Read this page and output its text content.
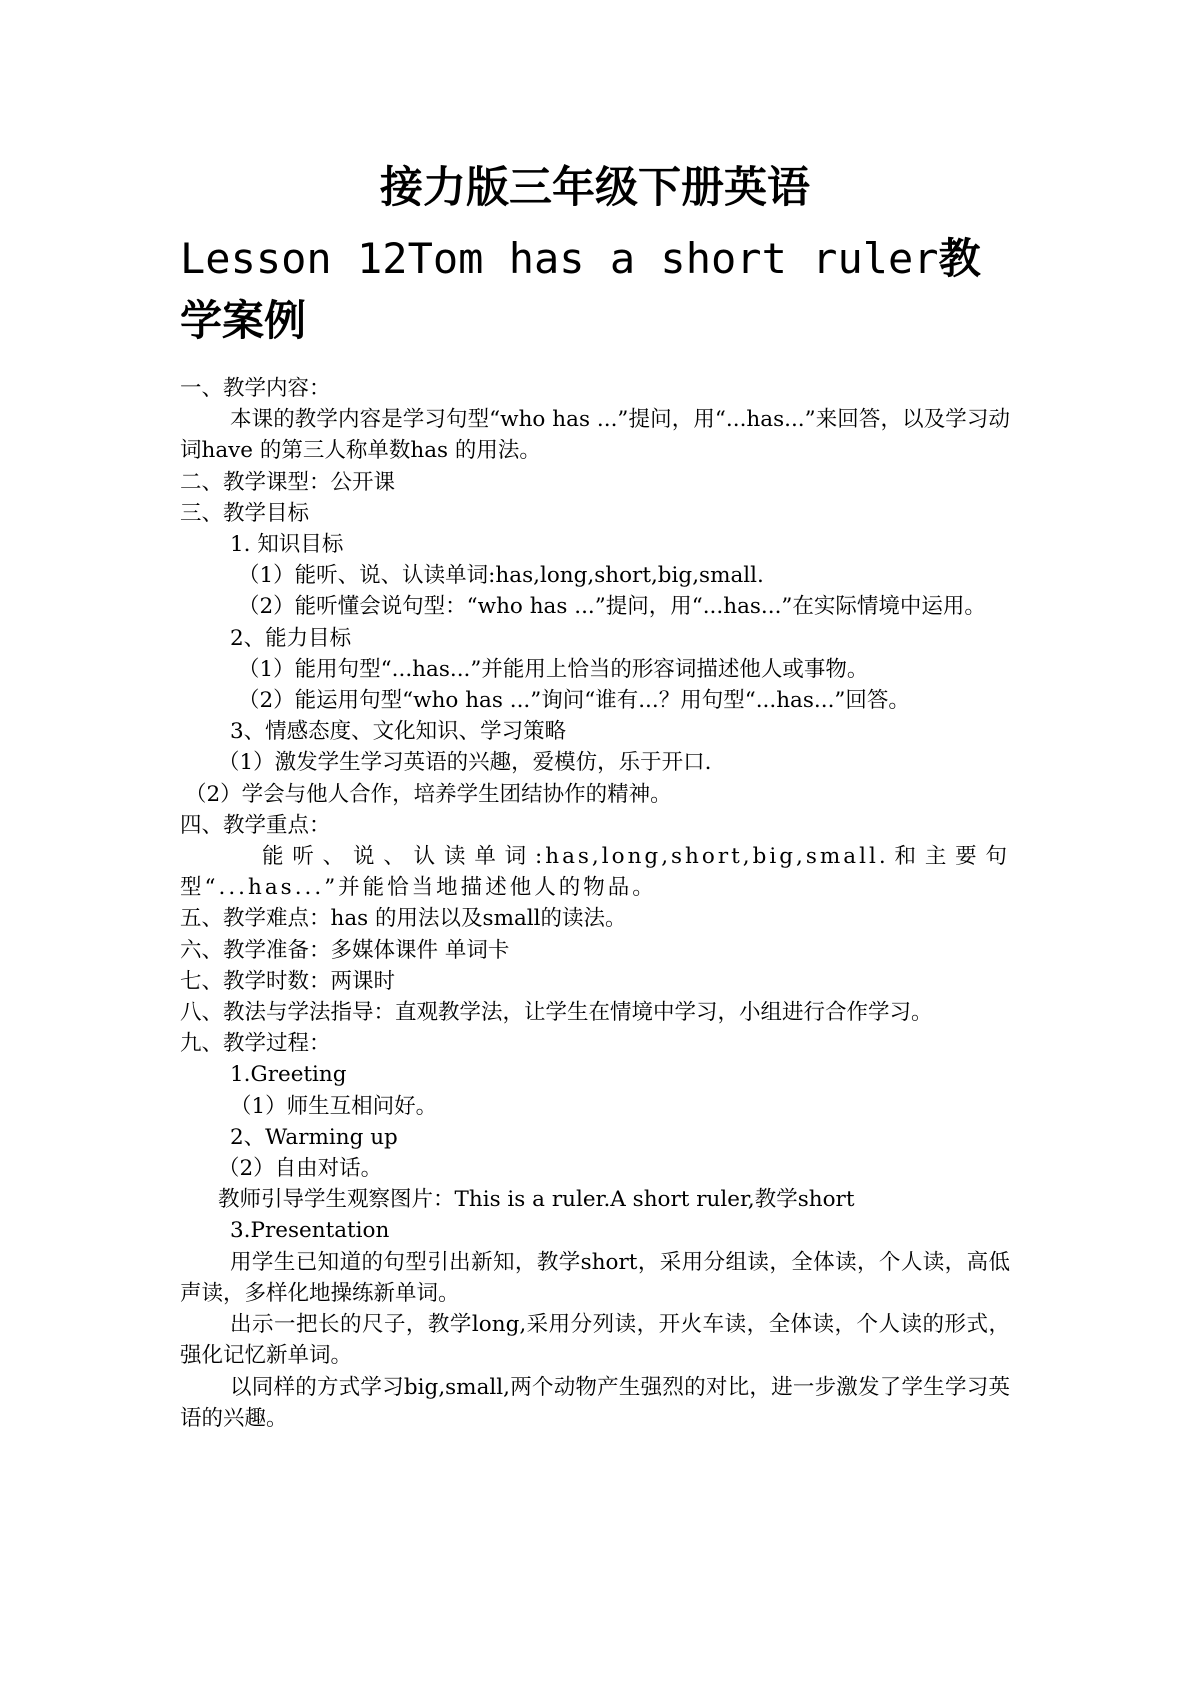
接力版三年级下册英语
Lesson 12Tom has a short ruler教学案例

一、教学内容：

本课的教学内容是学习句型“who has ...”提问，用“...has...”来回答，以及学习动词have 的第三人称单数has 的用法。

二、教学课型：公开课

三、教学目标

1. 知识目标

（1）能听、说、认读单词:has,long,short,big,small.

（2）能听懂会说句型：“who has ...”提问，用“...has...”在实际情境中运用。

2、能力目标

（1）能用句型“...has...”并能用上恰当的形容词描述他人或事物。

（2）能运用句型“who has ...”询问“谁有...？用句型“...has...”回答。

3、情感态度、文化知识、学习策略

（1）激发学生学习英语的兴趣，爱模仿，乐于开口.

（2）学会与他人合作，培养学生团结协作的精神。

四、教学重点：

能听、说、认读单词:has,long,short,big,small.和主要句型“...has...”并能恰当地描述他人的物品。

五、教学难点：has 的用法以及small的读法。

六、教学准备：多媒体课件 单词卡

七、教学时数：两课时

八、教法与学法指导：直观教学法，让学生在情境中学习，小组进行合作学习。

九、教学过程：

1.Greeting

（1）师生互相问好。

2、Warming up

（2）自由对话。

教师引导学生观察图片：This is a ruler.A short ruler,教学short

3.Presentation

用学生已知道的句型引出新知，教学short，采用分组读，全体读，个人读，高低声读，多样化地操练新单词。

出示一把长的尺子，教学long,采用分列读，开火车读，全体读，个人读的形式，强化记忆新单词。

以同样的方式学习big,small,两个动物产生强烈的对比，进一步激发了学生学习英语的兴趣。
